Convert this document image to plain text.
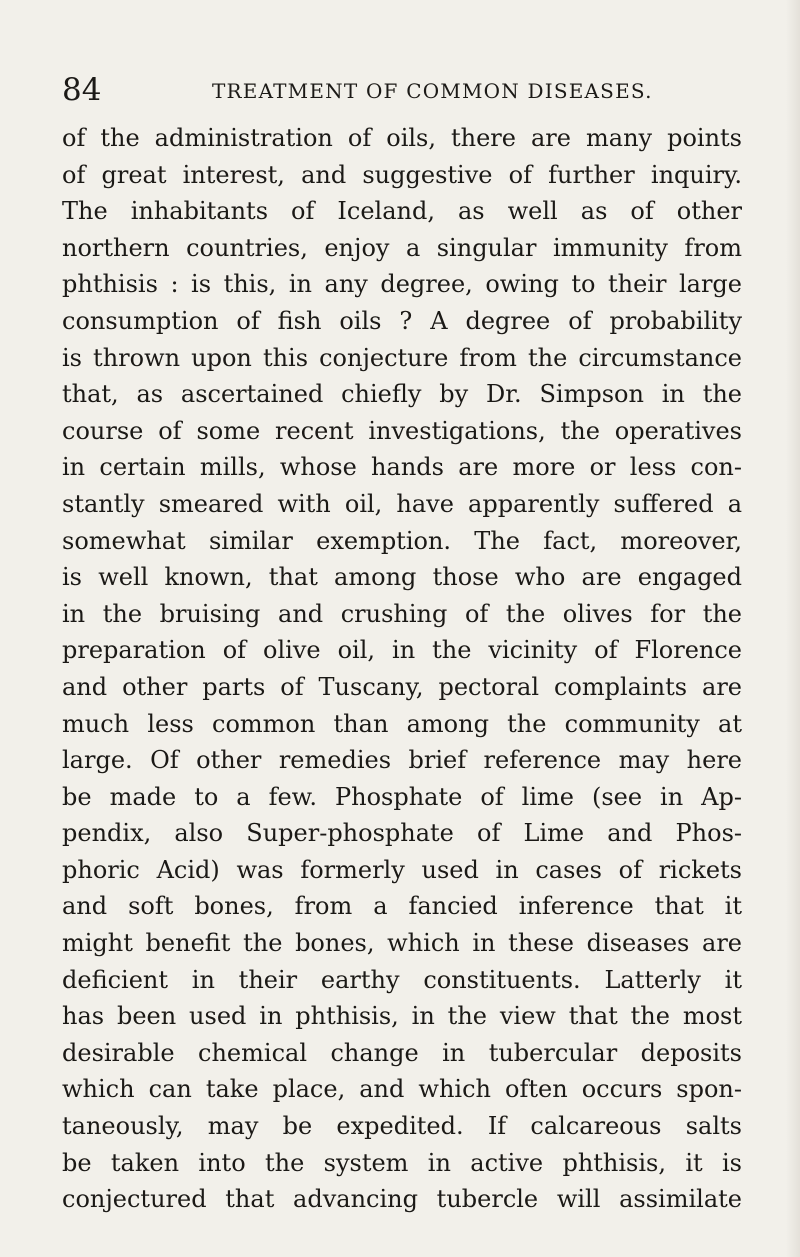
84	TREATMENT OF COMMON DISEASES.
of the administration of oils, there are many points
of great interest, and suggestive of further inquiry.
The inhabitants of Iceland, as well as of other
northern countries, enjoy a singular immunity from
phthisis : is this, in any degree, owing to their large
consumption of fish oils ? A degree of probability
is thrown upon this conjecture from the circumstance
that, as ascertained chiefly by Dr. Simpson in the
course of some recent investigations, the operatives
in certain mills, whose hands are more or less con-
stantly smeared with oil, have apparently suffered a
somewhat similar exemption. The fact, moreover,
is well known, that among those who are engaged
in the bruising and crushing of the olives for the
preparation of olive oil, in the vicinity of Florence
and other parts of Tuscany, pectoral complaints are
much less common than among the community at
large. Of other remedies brief reference may here
be made to a few. Phosphate of lime (see in Ap-
pendix, also Super-phosphate of Lime and Phos-
phoric Acid) was formerly used in cases of rickets
and soft bones, from a fancied inference that it
might benefit the bones, which in these diseases are
deficient in their earthy constituents. Latterly it
has been used in phthisis, in the view that the most
desirable chemical change in tubercular deposits
which can take place, and which often occurs spon-
taneously, may be expedited. If calcareous salts
be taken into the system in active phthisis, it is
conjectured that advancing tubercle will assimilate
